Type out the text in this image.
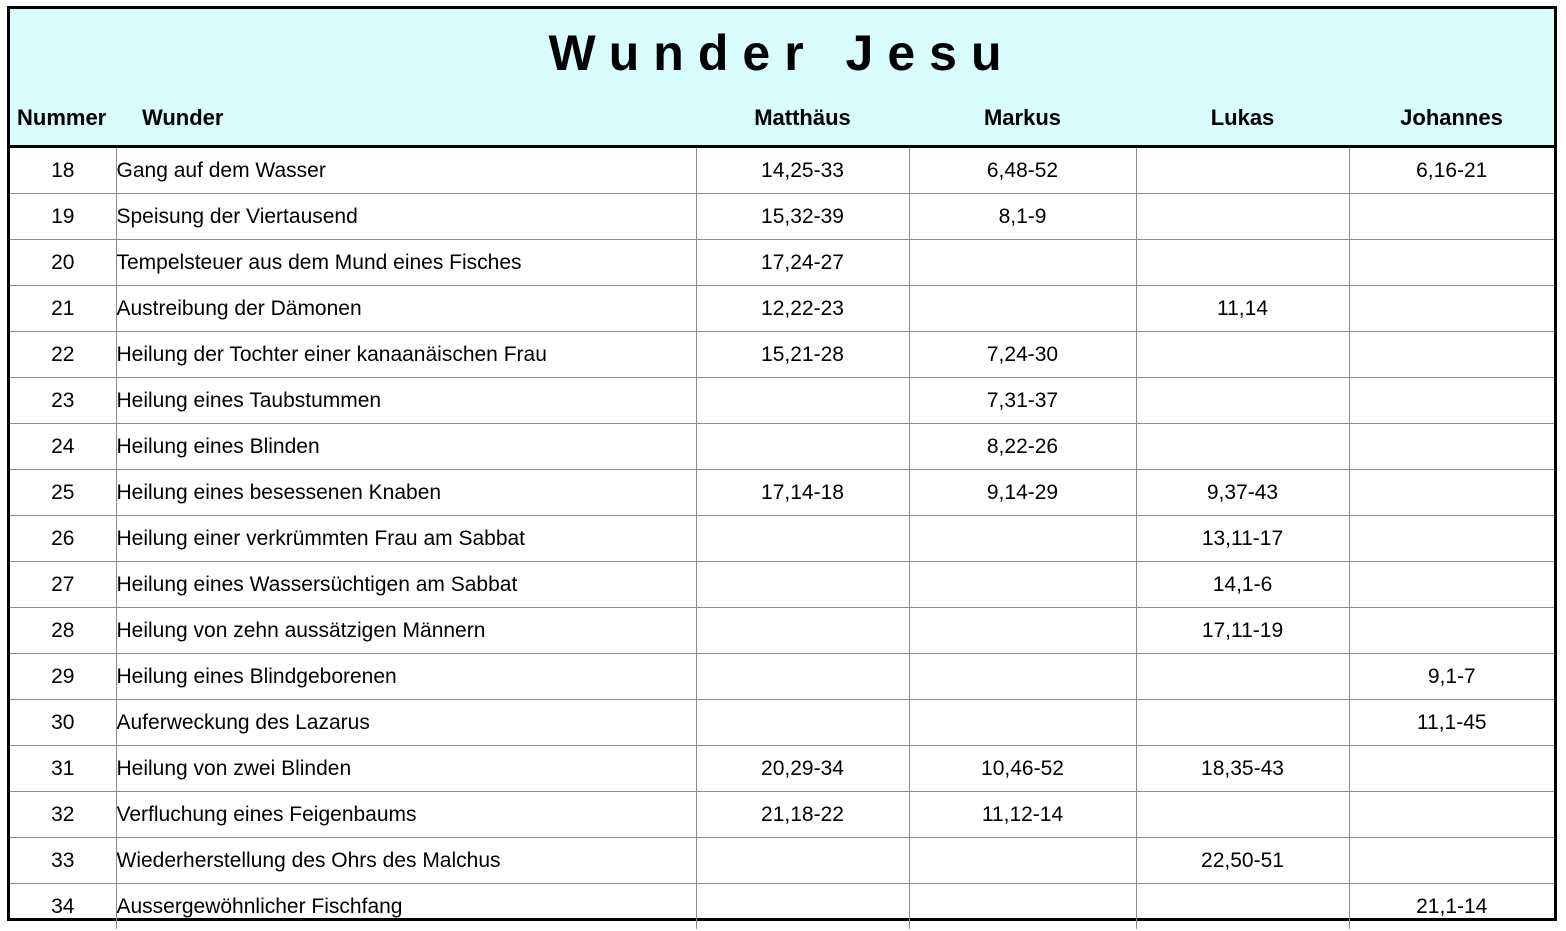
Wunder Jesu
Nummer Wunder	Matthäus	Markus	Lukas	Johannes
18	Gang auf dem Wasser	14,25-33	6,48-52		6,16-21
19	Speisung der Viertausend	15,32-39	8,1-9		
20	Tempelsteuer aus dem Mund eines Fisches	17,24-27			
21	Austreibung der Dämonen	12,22-23		11,14	
22	Heilung der Tochter einer kanaanäischen Frau	15,21-28	7,24-30		
23	Heilung eines Taubstummen		7,31-37		
24	Heilung eines Blinden		8,22-26		
25	Heilung eines besessenen Knaben	17,14-18	9,14-29	9,37-43	
26	Heilung einer verkrümmten Frau am Sabbat			13,11-17	
27	Heilung eines Wassersüchtigen am Sabbat			14,1-6	
28	Heilung von zehn aussätzigen Männern			17,11-19	
29	Heilung eines Blindgeborenen				9,1-7
30	Auferweckung des Lazarus				11,1-45
31	Heilung von zwei Blinden	20,29-34	10,46-52	18,35-43	
32	Verfluchung eines Feigenbaums	21,18-22	11,12-14		
33	Wiederherstellung des Ohrs des Malchus			22,50-51	
34	Aussergewöhnlicher Fischfang				21,1-14
